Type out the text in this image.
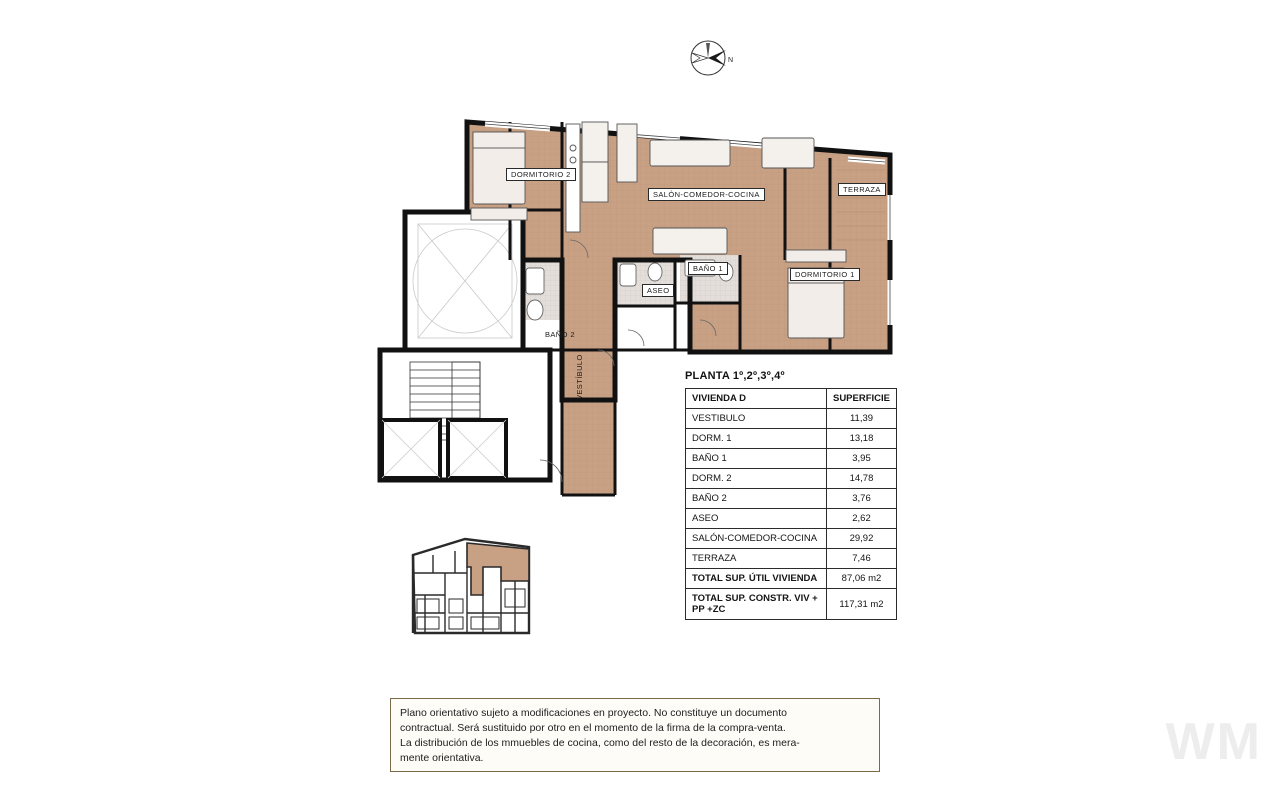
N
DORMITORIO 2
SALÓN-COMEDOR-COCINA
TERRAZA
ASEO
BAÑO 1
DORMITORIO 1
BAÑO 2
VESTÍBULO	PLANTA 1º,2º,3º,4º
VIVIENDA D	SUPERFICIE
VESTIBULO	11,39
DORM. 1	13,18
BAÑO 1	3,95
DORM. 2	14,78
BAÑO 2	3,76
ASEO	2,62
SALÓN-COMEDOR-COCINA	29,92
TERRAZA	7,46
TOTAL SUP. ÚTIL VIVIENDA	87,06 m2
TOTAL SUP. CONSTR. VIV + PP +ZC	117,31 m2

Plano orientativo sujeto a modificaciones en proyecto. No constituye un documento

contractual. Será sustituido por otro en el momento de la firma de la compra-venta.

La distribución de los mmuebles de cocina, como del resto de la decoración, es mera-

mente orientativa.	WM
